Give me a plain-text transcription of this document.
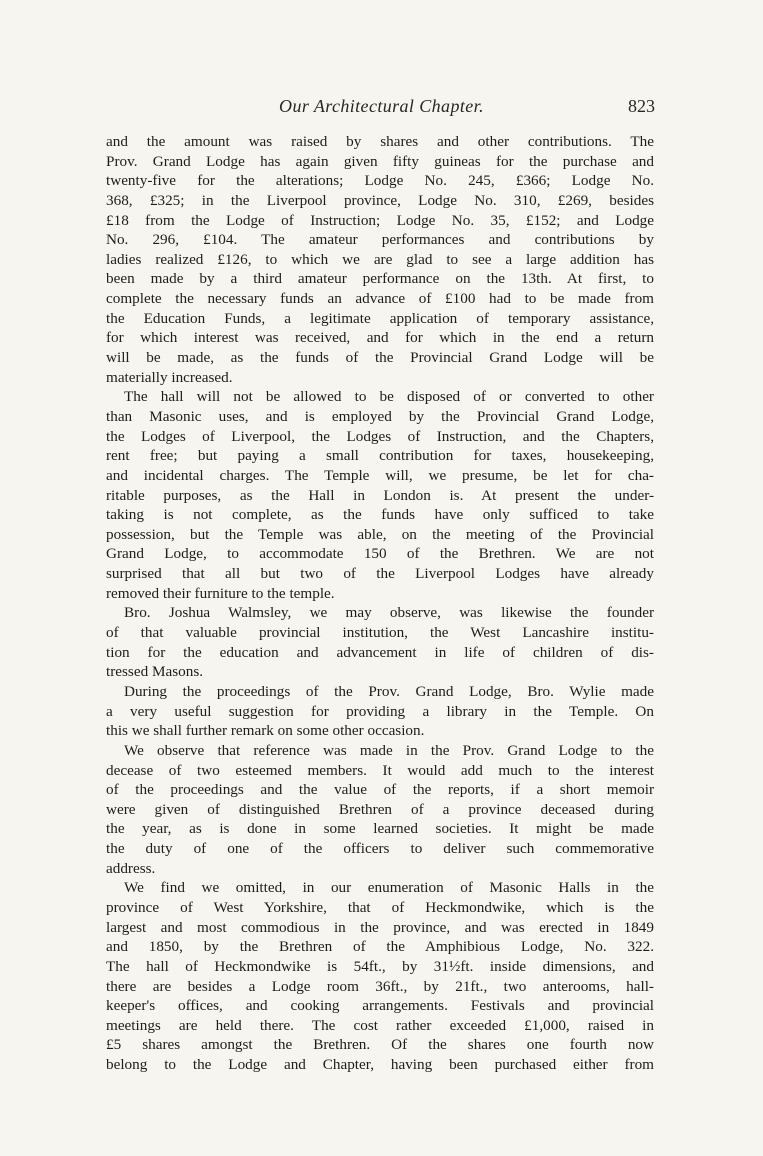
Our Architectural Chapter.	823
and the amount was raised by shares and other contributions. The
Prov. Grand Lodge has again given fifty guineas for the purchase and
twenty-five for the alterations; Lodge No. 245, £366; Lodge No.
368, £325; in the Liverpool province, Lodge No. 310, £269, besides
£18 from the Lodge of Instruction; Lodge No. 35, £152; and Lodge
No. 296, £104. The amateur performances and contributions by
ladies realized £126, to which we are glad to see a large addition has
been made by a third amateur performance on the 13th. At first, to
complete the necessary funds an advance of £100 had to be made from
the Education Funds, a legitimate application of temporary assistance,
for which interest was received, and for which in the end a return
will be made, as the funds of the Provincial Grand Lodge will be
materially increased.
The hall will not be allowed to be disposed of or converted to other
than Masonic uses, and is employed by the Provincial Grand Lodge,
the Lodges of Liverpool, the Lodges of Instruction, and the Chapters,
rent free; but paying a small contribution for taxes, housekeeping,
and incidental charges. The Temple will, we presume, be let for cha-
ritable purposes, as the Hall in London is. At present the under-
taking is not complete, as the funds have only sufficed to take
possession, but the Temple was able, on the meeting of the Provincial
Grand Lodge, to accommodate 150 of the Brethren. We are not
surprised that all but two of the Liverpool Lodges have already
removed their furniture to the temple.
Bro. Joshua Walmsley, we may observe, was likewise the founder
of that valuable provincial institution, the West Lancashire institu-
tion for the education and advancement in life of children of dis-
tressed Masons.
During the proceedings of the Prov. Grand Lodge, Bro. Wylie made
a very useful suggestion for providing a library in the Temple. On
this we shall further remark on some other occasion.
We observe that reference was made in the Prov. Grand Lodge to the
decease of two esteemed members. It would add much to the interest
of the proceedings and the value of the reports, if a short memoir
were given of distinguished Brethren of a province deceased during
the year, as is done in some learned societies. It might be made
the duty of one of the officers to deliver such commemorative
address.
We find we omitted, in our enumeration of Masonic Halls in the
province of West Yorkshire, that of Heckmondwike, which is the
largest and most commodious in the province, and was erected in 1849
and 1850, by the Brethren of the Amphibious Lodge, No. 322.
The hall of Heckmondwike is 54ft., by 31½ft. inside dimensions, and
there are besides a Lodge room 36ft., by 21ft., two anterooms, hall-
keeper's offices, and cooking arrangements. Festivals and provincial
meetings are held there. The cost rather exceeded £1,000, raised in
£5 shares amongst the Brethren. Of the shares one fourth now
belong to the Lodge and Chapter, having been purchased either from
